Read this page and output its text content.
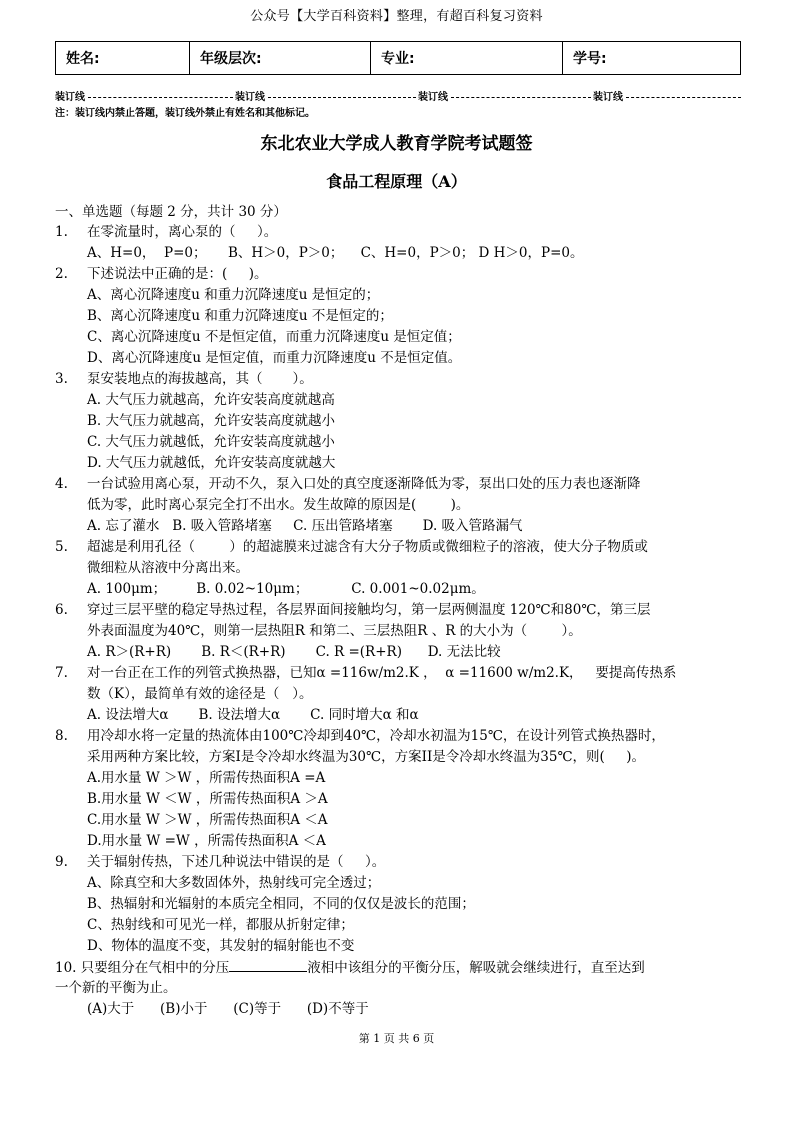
公众号【大学百科资料】整理，有超百科复习资料
姓名:	年级层次:	专业:	学号:
装订线	装订线	装订线	装订线
注：装订线内禁止答题，装订线外禁止有姓名和其他标记。
东北农业大学成人教育学院考试题签
食品工程原理（A）
一、单选题（每题 2 分，共计 30 分）
1. 在零流量时，离心泵的（     ）。
A、H=0，  P=0；     B、H＞0，P＞0；    C、H=0，P＞0； D H＞0，P=0。
2. 下述说法中正确的是：(     )。
A、离心沉降速度u 和重力沉降速度u 是恒定的；
B、离心沉降速度u 和重力沉降速度u 不是恒定的；
C、离心沉降速度u 不是恒定值，而重力沉降速度u 是恒定值；
D、离心沉降速度u 是恒定值，而重力沉降速度u 不是恒定值。
3. 泵安装地点的海拔越高，其（       ）。
A. 大气压力就越高，允许安装高度就越高
B. 大气压力就越高，允许安装高度就越小
C. 大气压力就越低，允许安装高度就越小
D. 大气压力就越低，允许安装高度就越大
4. 一台试验用离心泵，开动不久，泵入口处的真空度逐渐降低为零，泵出口处的压力表也逐渐降
低为零，此时离心泵完全打不出水。发生故障的原因是(        )。
A. 忘了灌水   B. 吸入管路堵塞     C. 压出管路堵塞       D. 吸入管路漏气
5. 超滤是利用孔径（        ）的超滤膜来过滤含有大分子物质或微细粒子的溶液，使大分子物质或
微细粒从溶液中分离出来。
A. 100μm；       B. 0.02~10μm；          C. 0.001~0.02μm。
6. 穿过三层平壁的稳定导热过程，各层界面间接触均匀，第一层两侧温度 120℃和80℃，第三层
外表面温度为40℃，则第一层热阻R 和第二、三层热阻R 、R 的大小为（        ）。
A. R＞(R+R)       B. R＜(R+R)       C. R =(R+R)      D. 无法比较
7. 对一台正在工作的列管式换热器，已知α =116w/m2.K ，  α =11600 w/m2.K，   要提高传热系
数（K），最简单有效的途径是（   ）。
A. 设法增大α       B. 设法增大α       C. 同时增大α 和α
8. 用冷却水将一定量的热流体由100℃冷却到40℃，冷却水初温为15℃，在设计列管式换热器时，
采用两种方案比较，方案I是令冷却水终温为30℃，方案II是令冷却水终温为35℃，则(     )。
A.用水量 W ＞W ，所需传热面积A =A
B.用水量 W ＜W ，所需传热面积A ＞A
C.用水量 W ＞W ，所需传热面积A ＜A
D.用水量 W =W ，所需传热面积A ＜A
9. 关于辐射传热，下述几种说法中错误的是（     ）。
A、除真空和大多数固体外，热射线可完全透过；
B、热辐射和光辐射的本质完全相同，不同的仅仅是波长的范围；
C、热射线和可见光一样，都服从折射定律；
D、物体的温度不变，其发射的辐射能也不变
10. 只要组分在气相中的分压	液相中该组分的平衡分压，解吸就会继续进行，直至达到
一个新的平衡为止。
(A)大于      (B)小于      (C)等于      (D)不等于
第 1 页 共 6 页
